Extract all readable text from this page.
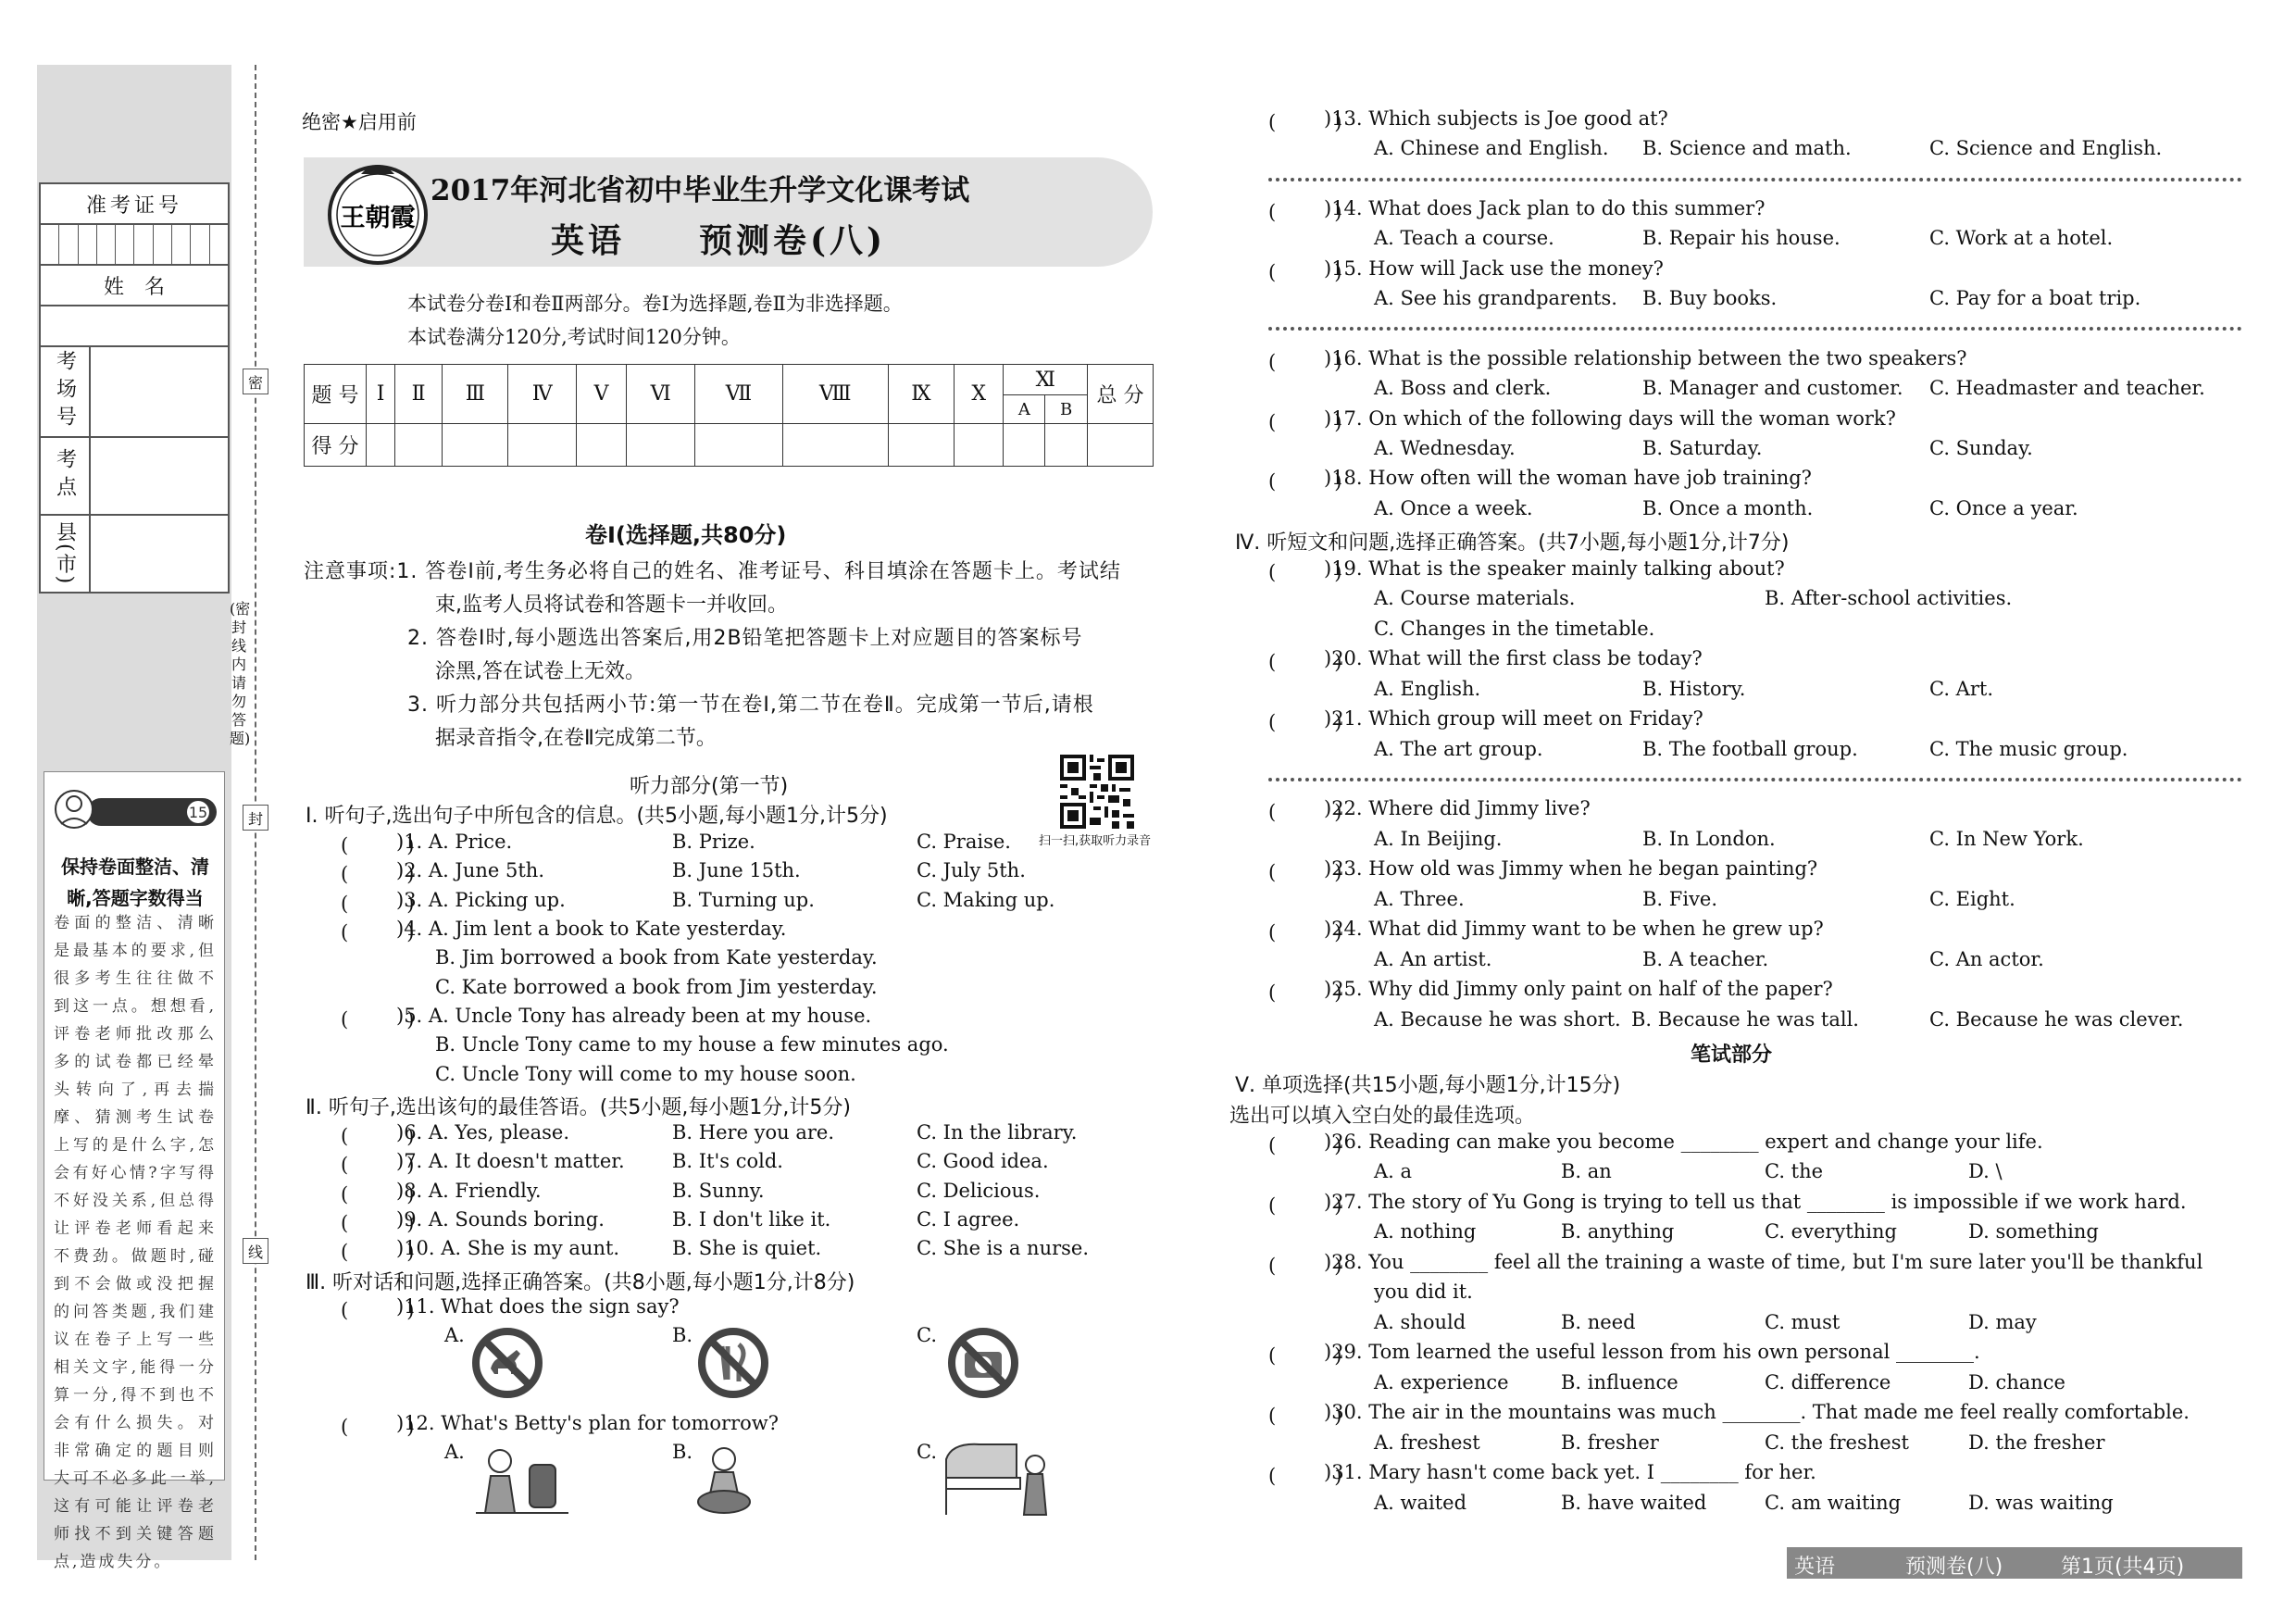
准考证号
姓　名
考场号
考点
县(市)
密
封
线
(密封线内请勿答题)
15
保持卷面整洁、清晰,答题字数得当
卷面的整洁、清晰是最基本的要求,但很多考生往往做不到这一点。想想看,评卷老师批改那么多的试卷都已经晕头转向了,再去揣摩、猜测考生试卷上写的是什么字,怎会有好心情?字写得不好没关系,但总得让评卷老师看起来不费劲。做题时,碰到不会做或没把握的问答类题,我们建议在卷子上写一些相关文字,能得一分算一分,得不到也不会有什么损失。对非常确定的题目则大可不必多此一举,这有可能让评卷老师找不到关键答题点,造成失分。
绝密★启用前
王朝霞
2017年河北省初中毕业生升学文化课考试
英语　　预测卷(八)
本试卷分卷Ⅰ和卷Ⅱ两部分。卷Ⅰ为选择题,卷Ⅱ为非选择题。
本试卷满分120分,考试时间120分钟。
题 号	Ⅰ	Ⅱ	Ⅲ	Ⅳ	Ⅴ	Ⅵ	Ⅶ	Ⅷ	Ⅸ	Ⅹ	Ⅺ		总 分
											A	B	
得 分													
卷Ⅰ(选择题,共80分)
注意事项:1. 答卷Ⅰ前,考生务必将自己的姓名、准考证号、科目填涂在答题卡上。考试结
束,监考人员将试卷和答题卡一并收回。
2. 答卷Ⅰ时,每小题选出答案后,用2B铅笔把答题卡上对应题目的答案标号
涂黑,答在试卷上无效。
3. 听力部分共包括两小节:第一节在卷Ⅰ,第二节在卷Ⅱ。完成第一节后,请根
据录音指令,在卷Ⅱ完成第二节。
听力部分(第一节)
扫一扫,获取听力录音
Ⅰ. 听句子,选出句子中所包含的信息。(共5小题,每小题1分,计5分)
(　　　)
)1. A. Price.	B. Prize.	C. Praise.
(　　　)
)2. A. June 5th.	B. June 15th.	C. July 5th.
(　　　)
)3. A. Picking up.	B. Turning up.	C. Making up.
(　　　)
)4. A. Jim lent a book to Kate yesterday.
B. Jim borrowed a book from Kate yesterday.
C. Kate borrowed a book from Jim yesterday.
(　　　)
)5. A. Uncle Tony has already been at my house.
B. Uncle Tony came to my house a few minutes ago.
C. Uncle Tony will come to my house soon.
Ⅱ. 听句子,选出该句的最佳答语。(共5小题,每小题1分,计5分)
(　　　)
)6. A. Yes, please.	B. Here you are.	C. In the library.
(　　　)
)7. A. It doesn't matter. B. It's cold.	C. Good idea.
(　　　)
)8. A. Friendly.	B. Sunny.	C. Delicious.
(　　　)
)9. A. Sounds boring.	B. I don't like it.	C. I agree.
(　　　)
)10. A. She is my aunt.	B. She is quiet.	C. She is a nurse.
Ⅲ. 听对话和问题,选择正确答案。(共8小题,每小题1分,计8分)
(　　　)
)11. What does the sign say?
A.	B.	C.
(　　　)
)12. What's Betty's plan for tomorrow?
A.	B.	C.
(　　　)
)13. Which subjects is Joe good at?
A. Chinese and English. B. Science and math.	C. Science and English.
(　　　)
)14. What does Jack plan to do this summer?
A. Teach a course.	B. Repair his house.	C. Work at a hotel.
(　　　)
)15. How will Jack use the money?
A. See his grandparents. B. Buy books.	C. Pay for a boat trip.
(　　　)
)16. What is the possible relationship between the two speakers?
A. Boss and clerk.	B. Manager and customer. C. Headmaster and teacher.
(　　　)
)17. On which of the following days will the woman work?
A. Wednesday.	B. Saturday.	C. Sunday.
(　　　)
)18. How often will the woman have job training?
A. Once a week.	B. Once a month.	C. Once a year.
Ⅳ. 听短文和问题,选择正确答案。(共7小题,每小题1分,计7分)
(　　　)
)19. What is the speaker mainly talking about?
A. Course materials.	B. After-school activities.
C. Changes in the timetable.
(　　　)
)20. What will the first class be today?
A. English.	B. History.	C. Art.
(　　　)
)21. Which group will meet on Friday?
A. The art group.	B. The football group.	C. The music group.
(　　　)
)22. Where did Jimmy live?
A. In Beijing.	B. In London.	C. In New York.
(　　　)
)23. How old was Jimmy when he began painting?
A. Three.	B. Five.	C. Eight.
(　　　)
)24. What did Jimmy want to be when he grew up?
A. An artist.	B. A teacher.	C. An actor.
(　　　)
)25. Why did Jimmy only paint on half of the paper?
A. Because he was short. B. Because he was tall.	C. Because he was clever.
笔试部分
Ⅴ. 单项选择(共15小题,每小题1分,计15分)
选出可以填入空白处的最佳选项。
(　　　)
)26. Reading can make you become ________ expert and change your life.
A. a	B. an	C. the	D. \
(　　　)
)27. The story of Yu Gong is trying to tell us that ________ is impossible if we work hard.
A. nothing	B. anything	C. everything	D. something
(　　　)
)28. You ________ feel all the training a waste of time, but I'm sure later you'll be thankful
you did it.
A. should	B. need	C. must	D. may
(　　　)
)29. Tom learned the useful lesson from his own personal ________.
A. experience	B. influence	C. difference	D. chance
(　　　)
)30. The air in the mountains was much ________. That made me feel really comfortable.
A. freshest	B. fresher	C. the freshest	D. the fresher
(　　　)
)31. Mary hasn't come back yet. I ________ for her.
A. waited	B. have waited	C. am waiting	D. was waiting
英语	预测卷(八)	第1页(共4页)
